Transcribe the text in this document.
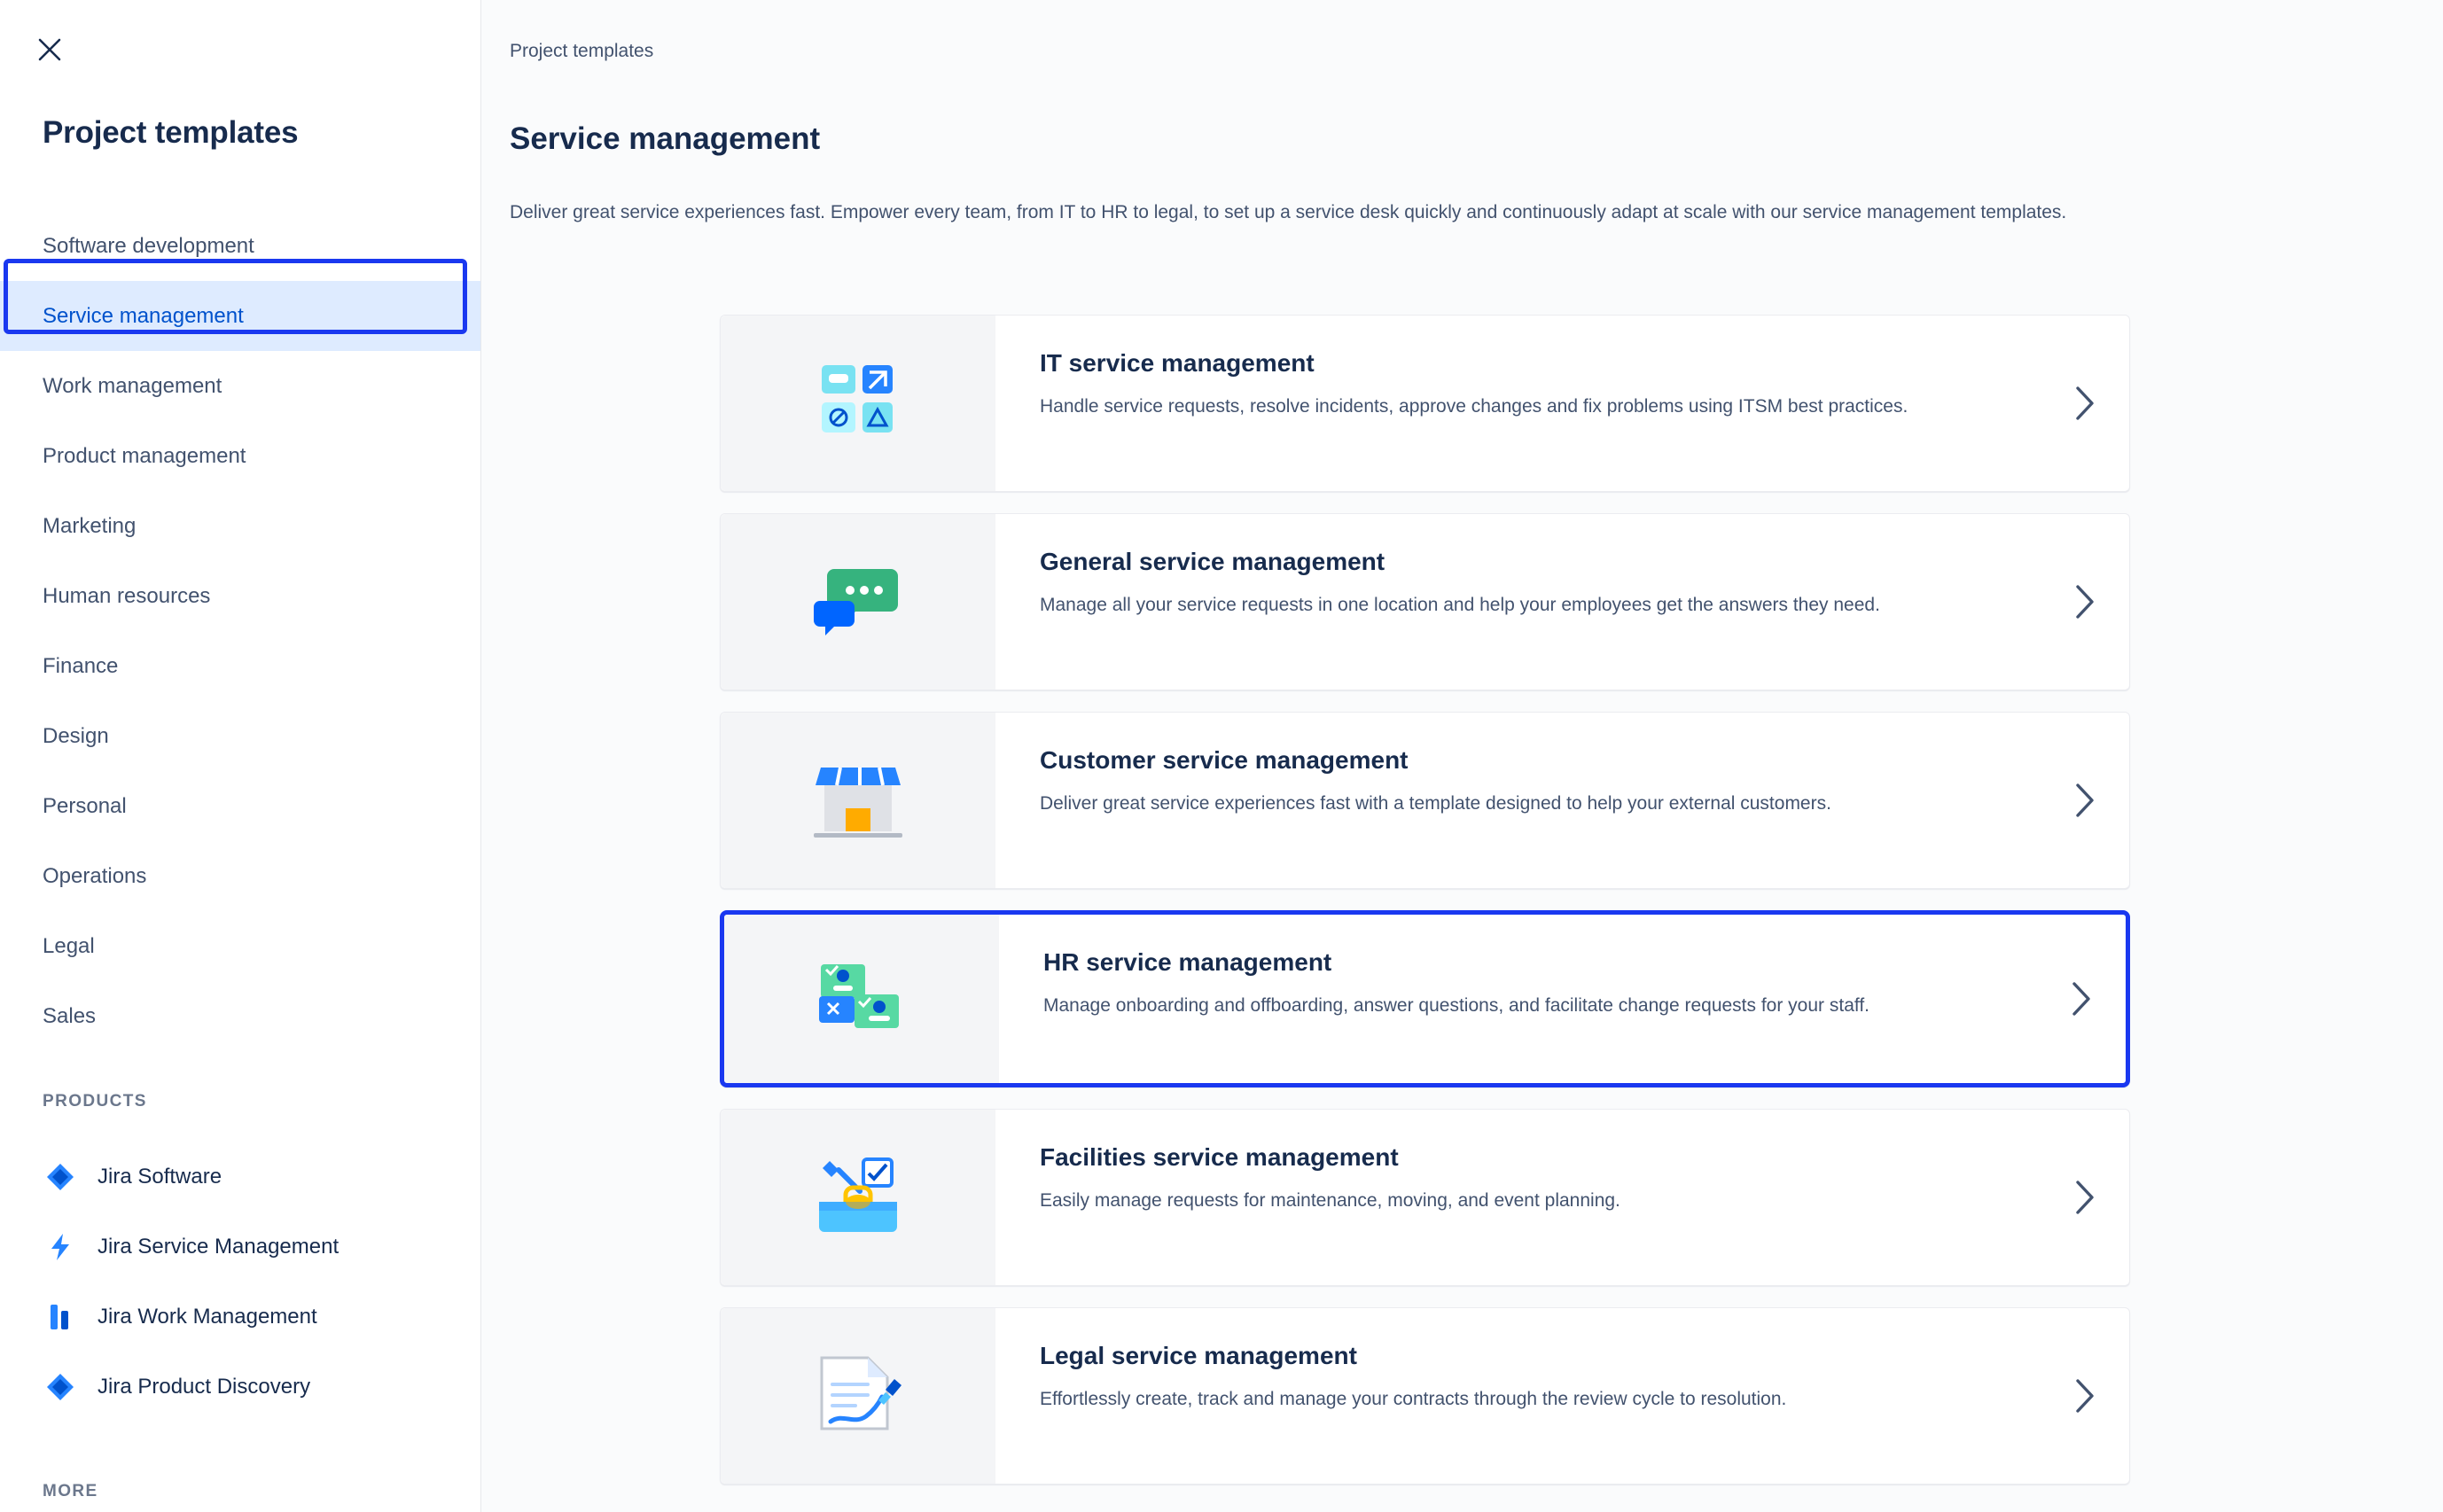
Project templates
Software development
Service management
Work management
Product management
Marketing
Human resources
Finance
Design
Personal
Operations
Legal
Sales
PRODUCTS
Jira Software
Jira Service Management
Jira Work Management
Jira Product Discovery
MORE
Project templates
Service management
Deliver great service experiences fast. Empower every team, from IT to HR to legal, to set up a service desk quickly and continuously adapt at scale with our service management templates.
IT service management
Handle service requests, resolve incidents, approve changes and fix problems using ITSM best practices.
General service management
Manage all your service requests in one location and help your employees get the answers they need.
Customer service management
Deliver great service experiences fast with a template designed to help your external customers.
HR service management
Manage onboarding and offboarding, answer questions, and facilitate change requests for your staff.
Facilities service management
Easily manage requests for maintenance, moving, and event planning.
Legal service management
Effortlessly create, track and manage your contracts through the review cycle to resolution.
